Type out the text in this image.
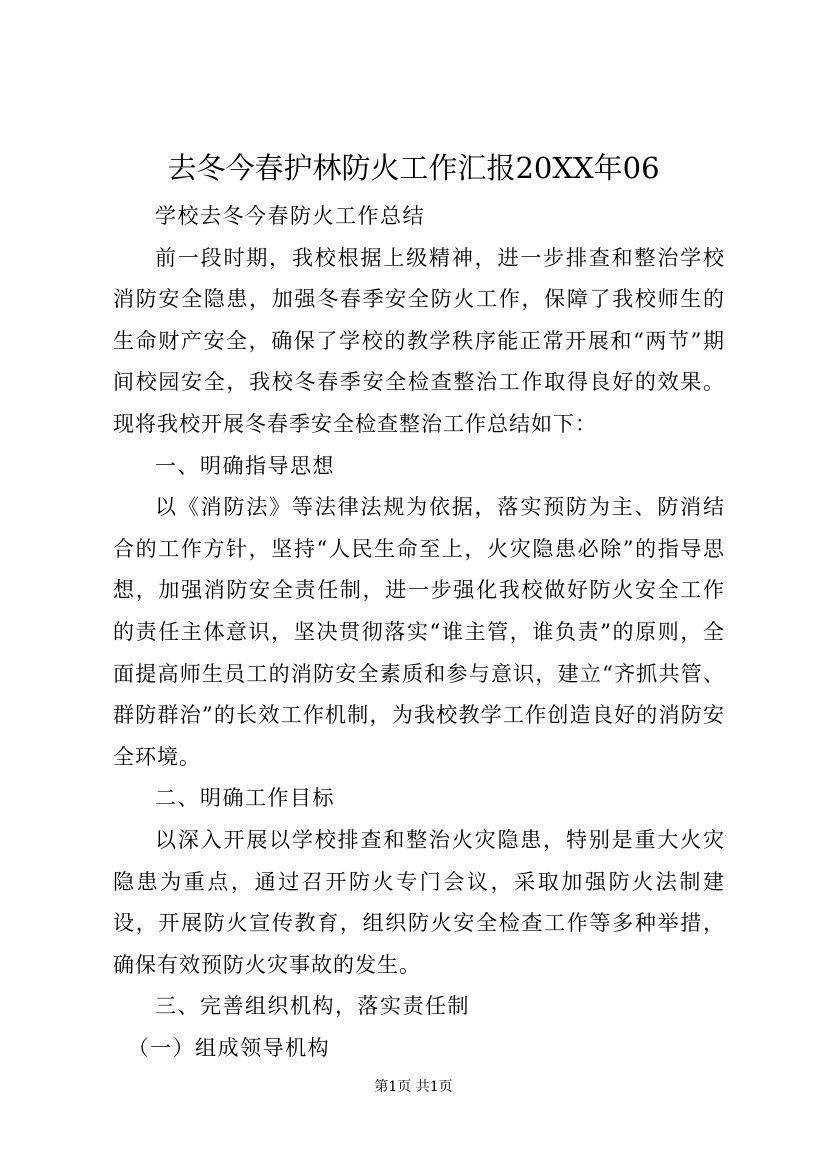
去冬今春护林防火工作汇报20XX年06

学校去冬今春防火工作总结

前一段时期，我校根据上级精神，进一步排查和整治学校消防安全隐患，加强冬春季安全防火工作，保障了我校师生的生命财产安全，确保了学校的教学秩序能正常开展和“两节”期间校园安全，我校冬春季安全检查整治工作取得良好的效果。现将我校开展冬春季安全检查整治工作总结如下：

一、明确指导思想

以《消防法》等法律法规为依据，落实预防为主、防消结合的工作方针，坚持“人民生命至上，火灾隐患必除”的指导思想，加强消防安全责任制，进一步强化我校做好防火安全工作的责任主体意识，坚决贯彻落实“谁主管，谁负责”的原则，全面提高师生员工的消防安全素质和参与意识，建立“齐抓共管、群防群治”的长效工作机制，为我校教学工作创造良好的消防安全环境。

二、明确工作目标

以深入开展以学校排查和整治火灾隐患，特别是重大火灾隐患为重点，通过召开防火专门会议，采取加强防火法制建设，开展防火宣传教育，组织防火安全检查工作等多种举措，确保有效预防火灾事故的发生。

三、完善组织机构，落实责任制

（一）组成领导机构

第1页 共1页
